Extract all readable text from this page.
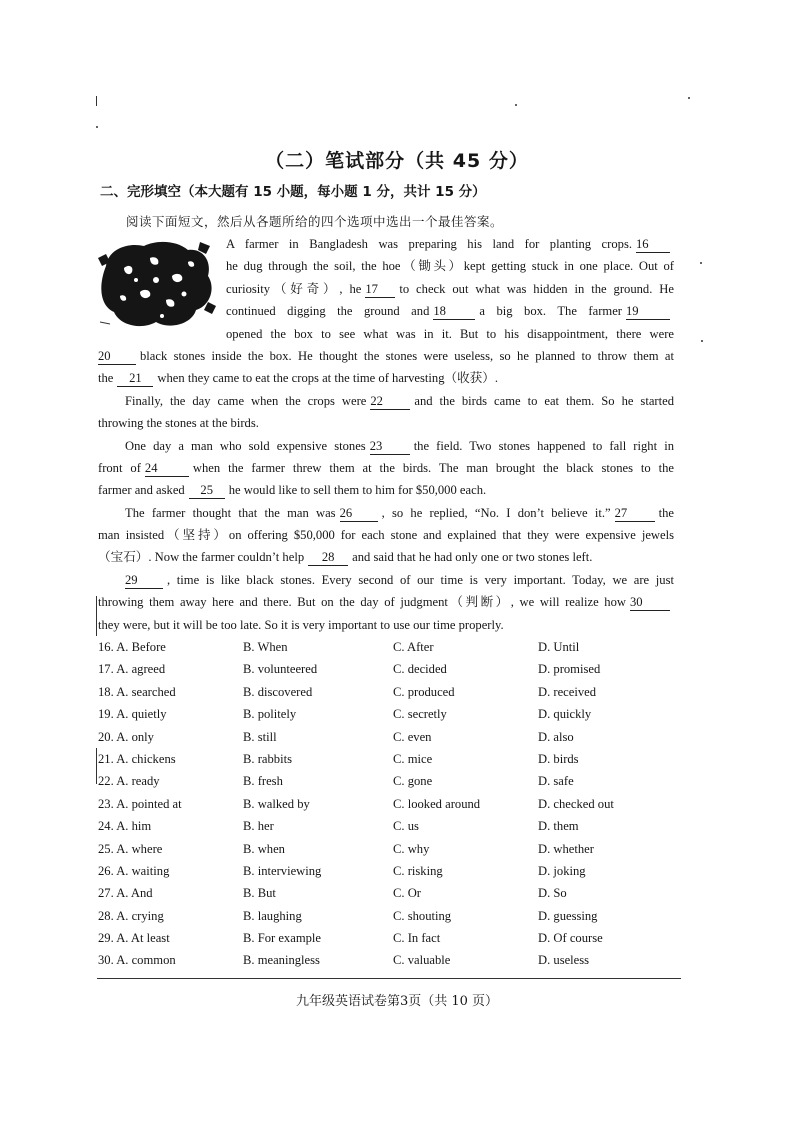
（二）笔试部分（共 45 分）
二、完形填空（本大题有 15 小题，每小题 1 分，共计 15 分）
阅读下面短文，然后从各题所给的四个选项中选出一个最佳答案。
A farmer in Bangladesh was preparing his land for planting crops. 16
he dug through the soil, the hoe（锄头）kept getting stuck in one place. Out of
curiosity（好奇）, he 17 to check out what was hidden in the ground. He
continued digging the ground and 18	a big box. The farmer 19
opened the box to see what was in it. But to his disappointment, there were
20 black stones inside the box. He thought the stones were useless, so he planned to throw them at
the 21 when they came to eat the crops at the time of harvesting（收获）.
Finally, the day came when the crops were 22 and the birds came to eat them. So he started
throwing the stones at the birds.
One day a man who sold expensive stones 23 the field. Two stones happened to fall right in
front of 24	when the farmer threw them at the birds. The man brought the black stones to the
farmer and asked 25 he would like to sell them to him for $50,000 each.
The farmer thought that the man was 26 , so he replied, “No. I don’t believe it.” 27 the
man insisted（坚持）on offering $50,000 for each stone and explained that they were expensive jewels
（宝石）. Now the farmer couldn’t help 28 and said that he had only one or two stones left.
29 , time is like black stones. Every second of our time is very important. Today, we are just
throwing them away here and there. But on the day of judgment（判断）, we will realize how 30
they were, but it will be too late. So it is very important to use our time properly.
16. A. Before	B. When	C. After	D. Until
17. A. agreed	B. volunteered	C. decided	D. promised
18. A. searched	B. discovered	C. produced	D. received
19. A. quietly	B. politely	C. secretly	D. quickly
20. A. only	B. still	C. even	D. also
21. A. chickens	B. rabbits	C. mice	D. birds
22. A. ready	B. fresh	C. gone	D. safe
23. A. pointed at	B. walked by	C. looked around	D. checked out
24. A. him	B. her	C. us	D. them
25. A. where	B. when	C. why	D. whether
26. A. waiting	B. interviewing	C. risking	D. joking
27. A. And	B. But	C. Or	D. So
28. A. crying	B. laughing	C. shouting	D. guessing
29. A. At least	B. For example	C. In fact	D. Of course
30. A. common	B. meaningless	C. valuable	D. useless
九年级英语试卷第3页（共 10 页）
